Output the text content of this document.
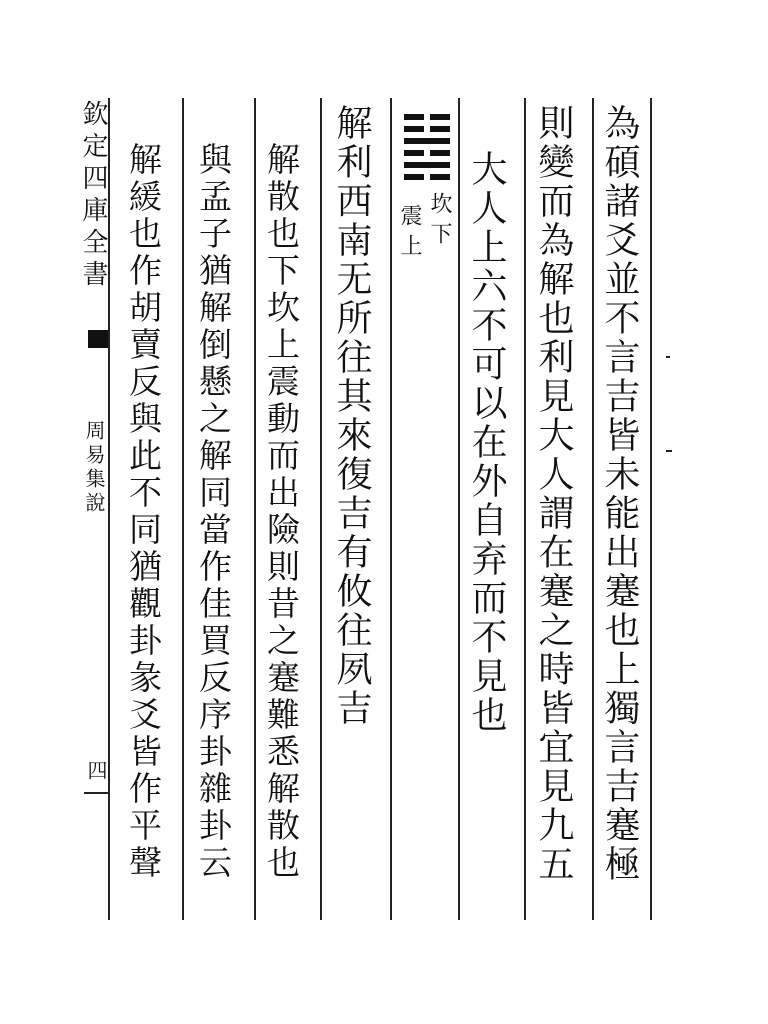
欽定四庫全書
周易集說
四	為碩諸爻並不言吉皆未能出蹇也上獨言吉蹇極
則變而為解也利見大人謂在蹇之時皆宜見九五
大人上六不可以在外自弃而不見也
坎下
震上
解利西南无所往其來復吉有攸往夙吉
解散也下坎上震動而出險則昔之蹇難悉解散也
與孟子猶解倒懸之解同當作佳買反序卦雜卦云
解緩也作胡賣反與此不同猶觀卦彖爻皆作平聲
